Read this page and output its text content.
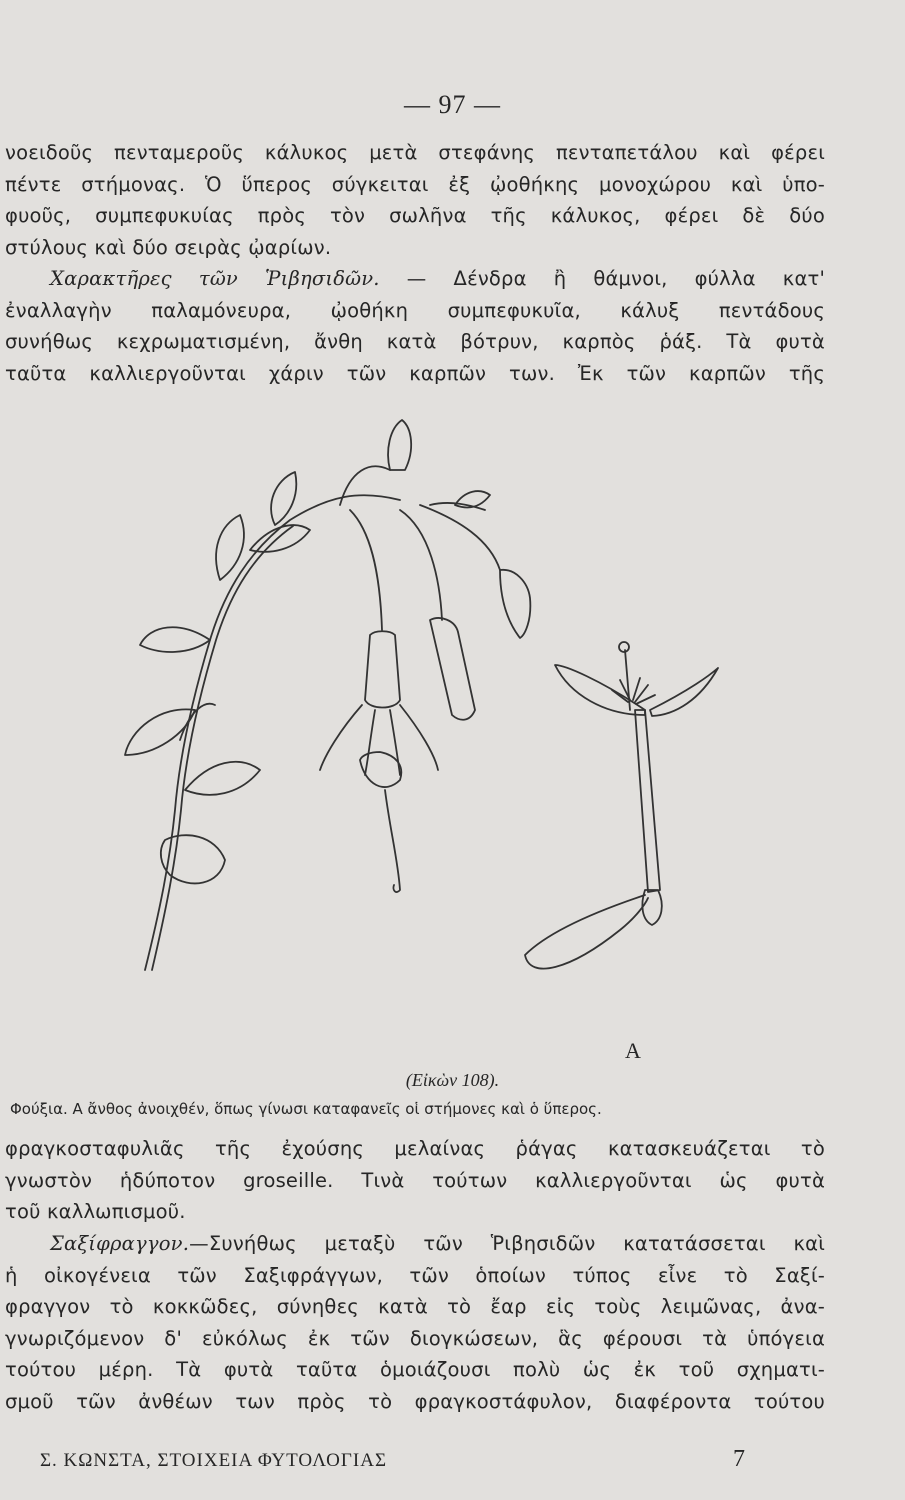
— 97 —
νοειδοῦς πενταμεροῦς κάλυκος μετὰ στεφάνης πενταπετάλου καὶ φέρει
πέντε στήμονας. Ὁ ὕπερος σύγκειται ἐξ ᾠοθήκης μονοχώρου καὶ ὑπο-
φυοῦς, συμπεφυκυίας πρὸς τὸν σωλῆνα τῆς κάλυκος, φέρει δὲ δύο
στύλους καὶ δύο σειρὰς ᾠαρίων.
Χαρακτῆρες τῶν Ῥιβησιδῶν. — Δένδρα ἢ θάμνοι, φύλλα κατ'
ἐναλλαγὴν παλαμόνευρα, ᾠοθήκη συμπεφυκυῖα, κάλυξ πεντάδους
συνήθως κεχρωματισμένη, ἄνθη κατὰ βότρυν, καρπὸς ῥάξ. Τὰ φυτὰ
ταῦτα καλλιεργοῦνται χάριν τῶν καρπῶν των. Ἐκ τῶν καρπῶν τῆς
Α
(Εἰκὼν 108).
Φούξια. Α ἄνθος ἀνοιχθέν, ὅπως γίνωσι καταφανεῖς οἱ στήμονες καὶ ὁ ὕπερος.
φραγκοσταφυλιᾶς τῆς ἐχούσης μελαίνας ῥάγας κατασκευάζεται τὸ
γνωστὸν ἡδύποτον groseille. Τινὰ τούτων καλλιεργοῦνται ὡς φυτὰ
τοῦ καλλωπισμοῦ.
Σαξίφραγγον.—Συνήθως μεταξὺ τῶν Ῥιβησιδῶν κατατάσσεται καὶ
ἡ οἰκογένεια τῶν Σαξιφράγγων, τῶν ὁποίων τύπος εἶνε τὸ Σαξί-
φραγγον τὸ κοκκῶδες, σύνηθες κατὰ τὸ ἔαρ εἰς τοὺς λειμῶνας, ἀνα-
γνωριζόμενον δ' εὐκόλως ἐκ τῶν διογκώσεων, ἃς φέρουσι τὰ ὑπόγεια
τούτου μέρη. Τὰ φυτὰ ταῦτα ὁμοιάζουσι πολὺ ὡς ἐκ τοῦ σχηματι-
σμοῦ τῶν ἀνθέων των πρὸς τὸ φραγκοστάφυλον, διαφέροντα τούτου
Σ. ΚΩΝΣΤΑ, ΣΤΟΙΧΕΙΑ ΦΥΤΟΛΟΓΙΑΣ	7
